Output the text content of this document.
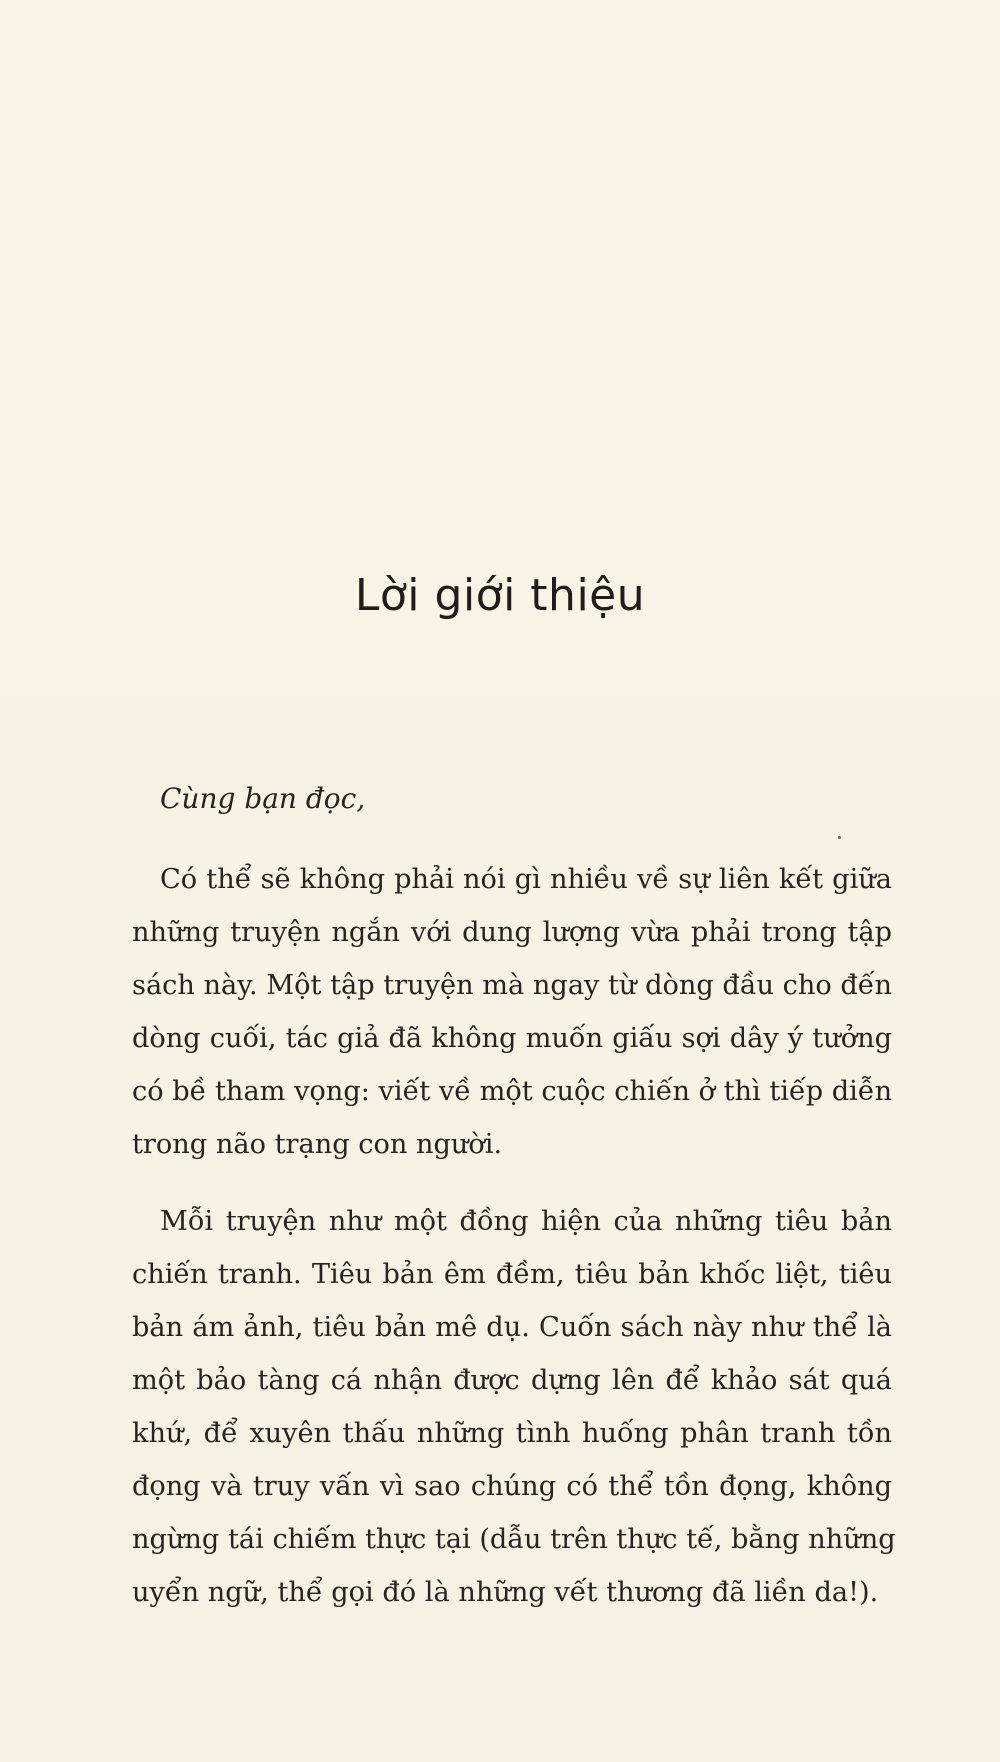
Lời giới thiệu

Cùng bạn đọc,

Có thể sẽ không phải nói gì nhiều về sự liên kết giữa
những truyện ngắn với dung lượng vừa phải trong tập
sách này. Một tập truyện mà ngay từ dòng đầu cho đến
dòng cuối, tác giả đã không muốn giấu sợi dây ý tưởng
có bề tham vọng: viết về một cuộc chiến ở thì tiếp diễn
trong não trạng con người.
Mỗi truyện như một đồng hiện của những tiêu bản
chiến tranh. Tiêu bản êm đềm, tiêu bản khốc liệt, tiêu
bản ám ảnh, tiêu bản mê dụ. Cuốn sách này như thể là
một bảo tàng cá nhận được dựng lên để khảo sát quá
khứ, để xuyên thấu những tình huống phân tranh tồn
đọng và truy vấn vì sao chúng có thể tồn đọng, không
ngừng tái chiếm thực tại (dẫu trên thực tế, bằng những
uyển ngữ, thể gọi đó là những vết thương đã liền da!).
